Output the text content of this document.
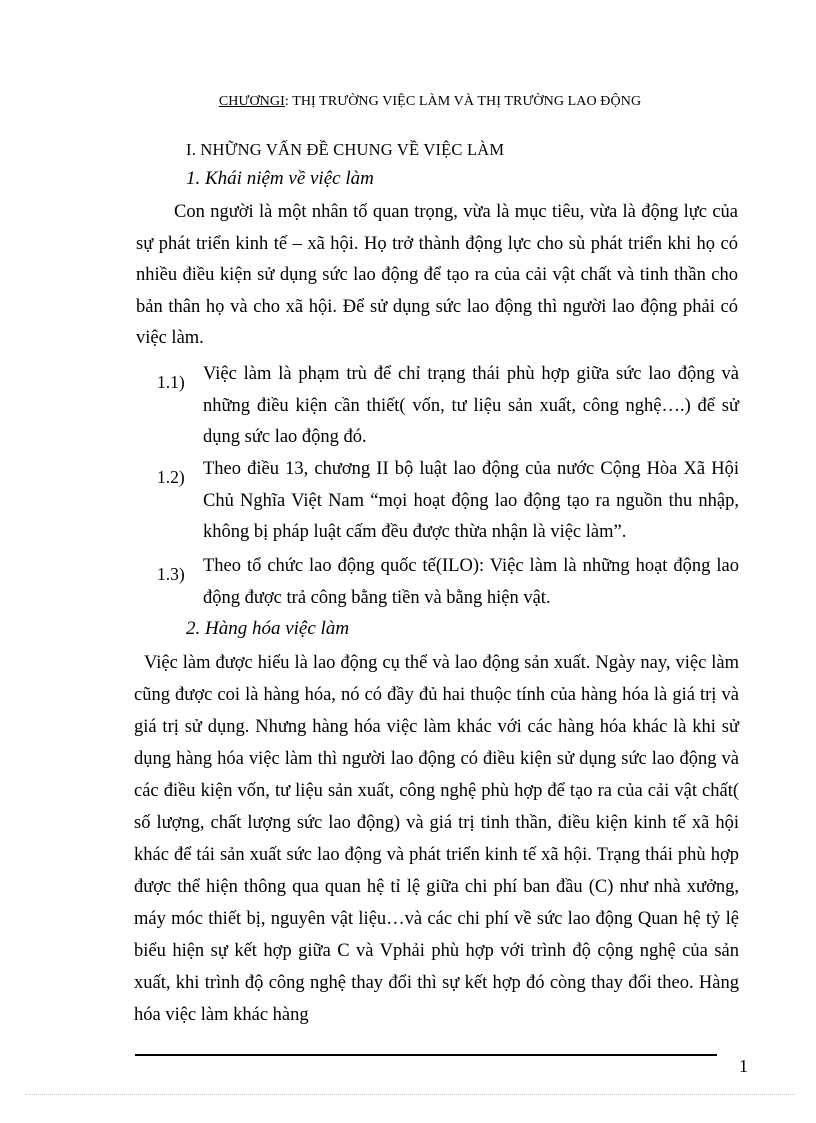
CHƯƠNGI: THỊ TRƯỜNG VIỆC LÀM VÀ THỊ TRƯỜNG LAO ĐỘNG
I. NHỮNG VẤN ĐỀ CHUNG VỀ VIỆC LÀM
1. Khái niệm về việc làm
Con người là một nhân tố quan trọng, vừa là mục tiêu, vừa là động lực của sự phát triển kinh tế – xã hội. Họ trở thành động lực cho sù phát triển khi họ có nhiều điều kiện sử dụng sức lao động để tạo ra của cải vật chất và tinh thần cho bản thân họ và cho xã hội. Để sử dụng sức lao động thì người lao động phải có việc làm.
1.1) Việc làm là phạm trù để chỉ trạng thái phù hợp giữa sức lao động và những điều kiện cần thiết( vốn, tư liệu sản xuất, công nghệ….) để sử dụng sức lao động đó.
1.2) Theo điều 13, chương II bộ luật lao động của nước Cộng Hòa Xã Hội Chủ Nghĩa Việt Nam “mọi hoạt động lao động tạo ra nguồn thu nhập, không bị pháp luật cấm đều được thừa nhận là việc làm”.
1.3) Theo tổ chức lao động quốc tế(ILO): Việc làm là những hoạt động lao động được trả công bằng tiền và bằng hiện vật.
2. Hàng hóa việc làm
Việc làm được hiểu là lao động cụ thể và lao động sản xuất. Ngày nay, việc làm cũng được coi là hàng hóa, nó có đầy đủ hai thuộc tính của hàng hóa là giá trị và giá trị sử dụng. Nhưng hàng hóa việc làm khác với các hàng hóa khác là khi sử dụng hàng hóa việc làm thì người lao động có điều kiện sử dụng sức lao động và các điều kiện vốn, tư liệu sản xuất, công nghệ phù hợp để tạo ra của cải vật chất( số lượng, chất lượng sức lao động) và giá trị tinh thần, điều kiện kinh tế xã hội khác để tái sản xuất sức lao động và phát triển kinh tế xã hội. Trạng thái phù hợp được thể hiện thông qua quan hệ tỉ lệ giữa chi phí ban đầu (C) như nhà xưởng, máy móc thiết bị, nguyên vật liệu…và các chi phí về sức lao động Quan hệ tỷ lệ biểu hiện sự kết hợp giữa C và Vphải phù hợp với trình độ cộng nghệ của sản xuất, khi trình độ công nghệ thay đổi thì sự kết hợp đó còng thay đổi theo. Hàng hóa việc làm khác hàng
1
